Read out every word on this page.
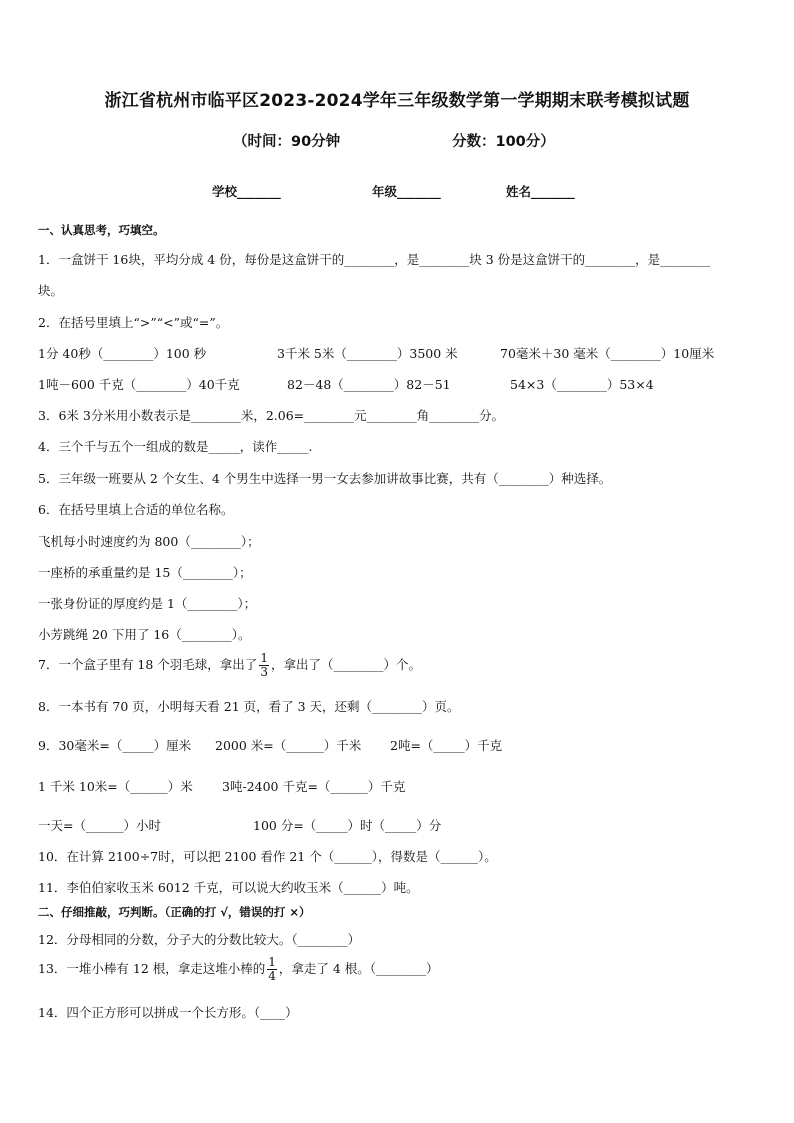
浙江省杭州市临平区2023-2024学年三年级数学第一学期期末联考模拟试题
（时间：90分钟	分数：100分）
学校_______	年级_______	姓名_______
一、认真思考，巧填空。
1．一盒饼干 16块，平均分成 4 份，每份是这盒饼干的________，是________块 3 份是这盒饼干的________，是________
块。
2．在括号里填上“>”“<”或“=”。
1分 40秒（________）100 秒	3千米 5米（________）3500 米	70毫米＋30 毫米（________）10厘米
1吨－600 千克（________）40千克	82－48（________）82－51	54×3（________）53×4
3．6米 3分米用小数表示是________米，2.06=________元________角________分。
4．三个千与五个一组成的数是_____，读作_____.
5．三年级一班要从 2 个女生、4 个男生中选择一男一女去参加讲故事比赛，共有（________）种选择。
6．在括号里填上合适的单位名称。
飞机每小时速度约为 800（________）；
一座桥的承重量约是 15（________）；
一张身份证的厚度约是 1（________）；
小芳跳绳 20 下用了 16（________）。
7．一个盒子里有 18 个羽毛球，拿出了 $\frac{1}{3}$ ，拿出了（________）个。
8．一本书有 70 页，小明每天看 21 页，看了 3 天，还剩（________）页。
9．30毫米=（_____）厘米 2000 米=（______）千米 2吨=（_____）千克
1 千米 10米=（______）米 3吨-2400 千克=（______）千克
一天=（______）小时	100 分=（_____）时（_____）分
10．在计算 2100÷7时，可以把 2100 看作 21 个（______），得数是（______）。
11．李伯伯家收玉米 6012 千克，可以说大约收玉米（______）吨。
二、仔细推敲，巧判断。（正确的打 √，错误的打 ×）
12．分母相同的分数，分子大的分数比较大。（________）
13．一堆小棒有 12 根，拿走这堆小棒的 $\frac{1}{4}$ ，拿走了 4 根。（________）
14．四个正方形可以拼成一个长方形。（____）
